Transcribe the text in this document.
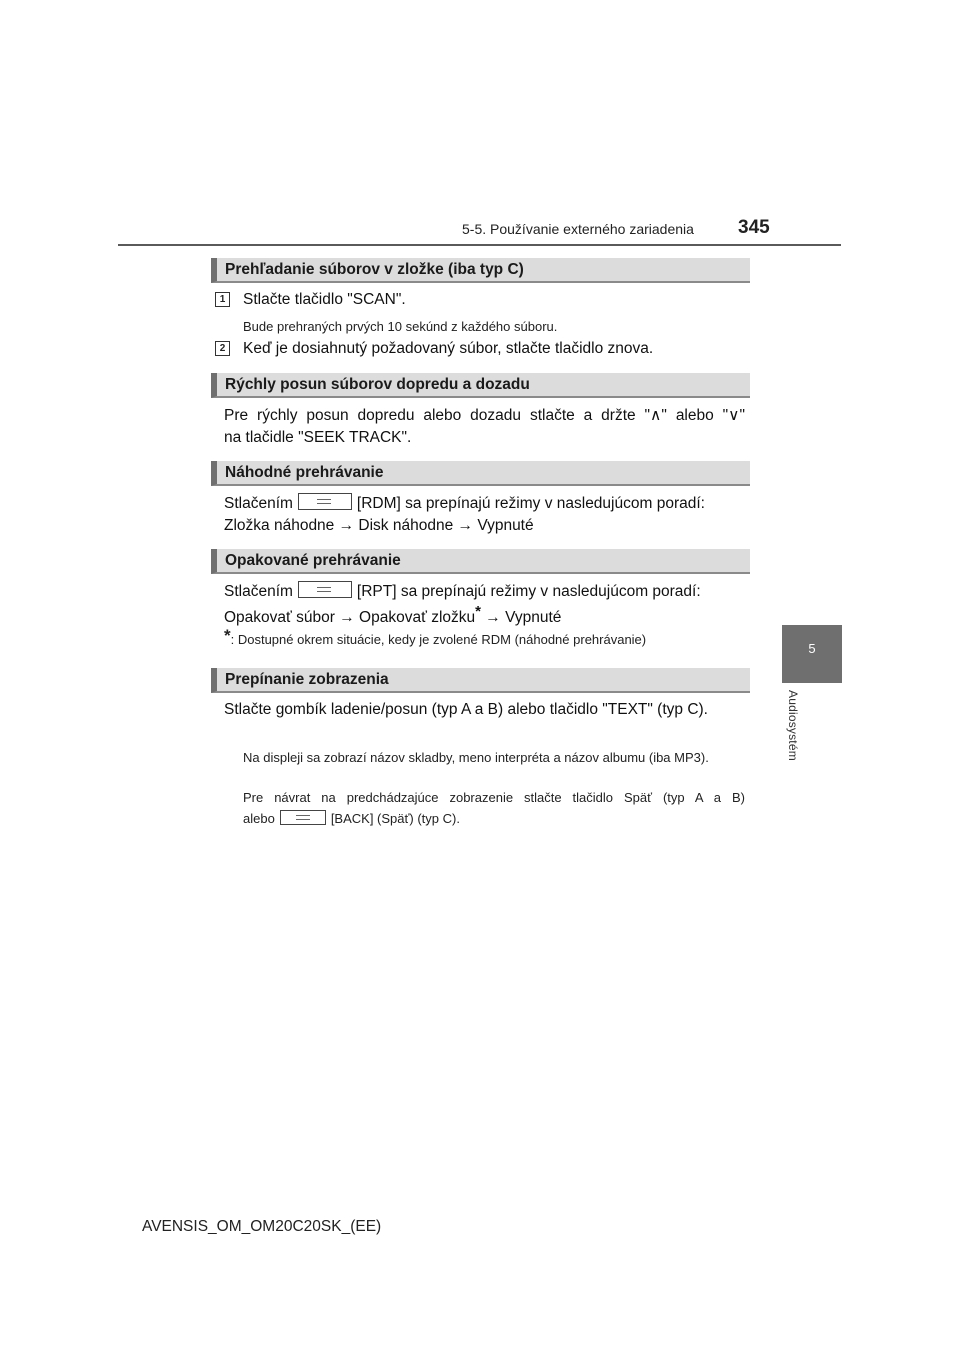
5-5. Používanie externého zariadenia 345
5
Audiosystém
Prehľadanie súborov v zložke (iba typ C)
1	Stlačte tlačidlo "SCAN".
Bude prehraných prvých 10 sekúnd z každého súboru.
2	Keď je dosiahnutý požadovaný súbor, stlačte tlačidlo znova.
Rýchly posun súborov dopredu a dozadu
Pre rýchly posun dopredu alebo dozadu stlačte a držte "∧" alebo "∨"
na tlačidle "SEEK TRACK".
Náhodné prehrávanie
Stlačením	[RDM] sa prepínajú režimy v nasledujúcom poradí:
Zložka náhodne → Disk náhodne → Vypnuté
Opakované prehrávanie
Stlačením	[RPT] sa prepínajú režimy v nasledujúcom poradí:
Opakovať súbor → Opakovať zložku* → Vypnuté
*: Dostupné okrem situácie, kedy je zvolené RDM (náhodné prehrávanie)
Prepínanie zobrazenia
Stlačte gombík ladenie/posun (typ A a B) alebo tlačidlo "TEXT" (typ C).
Na displeji sa zobrazí názov skladby, meno interpréta a názov albumu (iba MP3).
Pre návrat na predchádzajúce zobrazenie stlačte tlačidlo Späť (typ A a B)
alebo	[BACK] (Späť) (typ C).
AVENSIS_OM_OM20C20SK_(EE)
